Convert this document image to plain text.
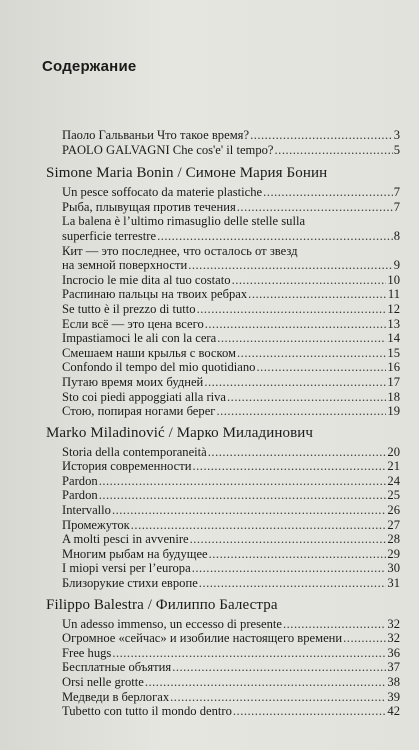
Содержание
Паоло Гальваньи Что такое время? .....	3
PAOLO GALVAGNI Che cos'e' il tempo? .....	5
Simone Maria Bonin / Симоне Мария Бонин
Un pesce soffocato da materie plastiche .....	7
Рыба, плывущая против течения .....	7
La balena è l’ultimo rimasuglio delle stelle sulla
superficie terrestre .....	8
Кит — это последнее, что осталось от звезд
на земной поверхности .....	9
Incrocio le mie dita al tuo costato .....	10
Распинаю пальцы на твоих ребрах .....	11
Se tutto è il prezzo di tutto .....	12
Если всё — это цена всего .....	13
Impastiamoci le ali con la cera .....	14
Смешаем наши крылья с воском .....	15
Confondo il tempo del mio quotidiano .....	16
Путаю время моих будней .....	17
Sto coi piedi appoggiati alla riva .....	18
Стою, попирая ногами берег .....	19
Marko Miladinović / Марко Миладинович
Storia della contemporaneità .....	20
История современности .....	21
Pardon .....	24
Pardon .....	25
Intervallo .....	26
Промежуток .....	27
A molti pesci in avvenire .....	28
Многим рыбам на будущее .....	29
I miopi versi per l’europa .....	30
Близорукие стихи европе .....	31
Filippo Balestra / Филиппо Балестра
Un adesso immenso, un eccesso di presente .....	32
Огромное «сейчас» и изобилие настоящего времени .....	32
Free hugs .....	36
Бесплатные объятия .....	37
Orsi nelle grotte .....	38
Медведи в берлогах .....	39
Tubetto con tutto il mondo dentro .....	42
